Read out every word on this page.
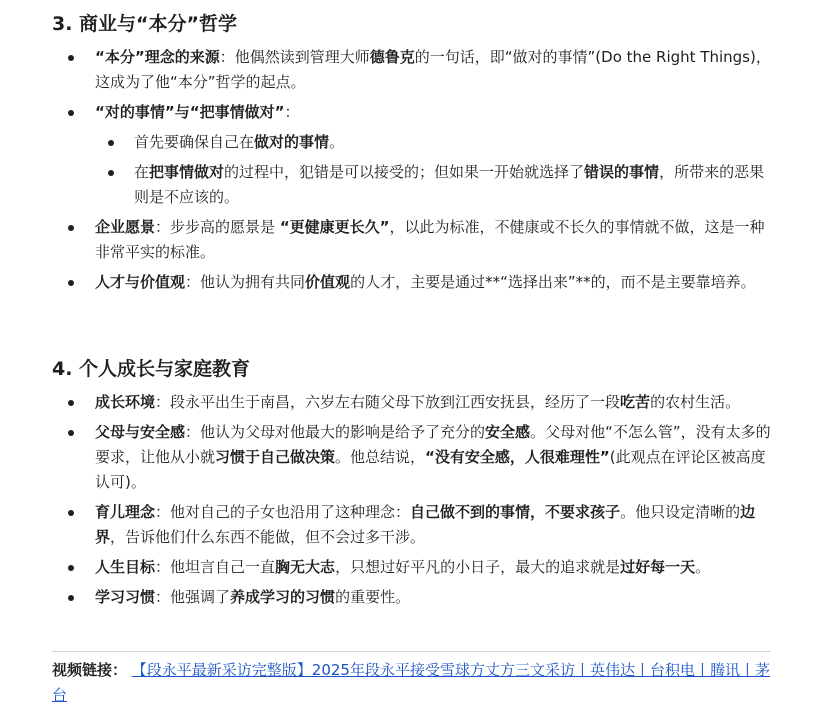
3. 商业与“本分”哲学
“本分”理念的来源：他偶然读到管理大师德鲁克的一句话，即“做对的事情”(Do the Right Things)，这成为了他“本分”哲学的起点。
“对的事情”与“把事情做对”：
首先要确保自己在做对的事情。
在把事情做对的过程中，犯错是可以接受的；但如果一开始就选择了错误的事情，所带来的恶果则是不应该的。
企业愿景：步步高的愿景是 “更健康更长久”，以此为标准，不健康或不长久的事情就不做，这是一种非常平实的标准。
人才与价值观：他认为拥有共同价值观的人才，主要是通过**“选择出来”**的，而不是主要靠培养。
4. 个人成长与家庭教育
成长环境：段永平出生于南昌，六岁左右随父母下放到江西安抚县，经历了一段吃苦的农村生活。
父母与安全感：他认为父母对他最大的影响是给予了充分的安全感。父母对他“不怎么管”，没有太多的要求，让他从小就习惯于自己做决策。他总结说，“没有安全感，人很难理性”(此观点在评论区被高度认可)。
育儿理念：他对自己的子女也沿用了这种理念：自己做不到的事情，不要求孩子。他只设定清晰的边界，告诉他们什么东西不能做，但不会过多干涉。
人生目标：他坦言自己一直胸无大志，只想过好平凡的小日子，最大的追求就是过好每一天。
学习习惯：他强调了养成学习的习惯的重要性。
视频链接： 【段永平最新采访完整版】2025年段永平接受雪球方丈方三文采访丨英伟达丨台积电丨腾讯丨茅台
